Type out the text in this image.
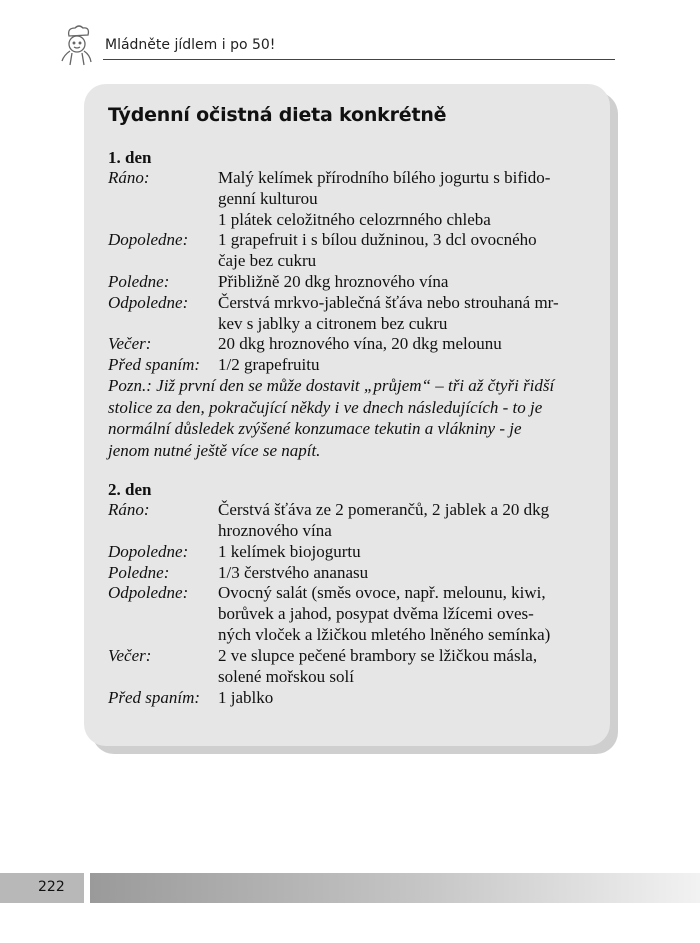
Mládněte jídlem i po 50!
Týdenní očistná dieta konkrétně
1. den
Ráno:	Malý kelímek přírodního bílého jogurtu s bifido-
genní kulturou
1 plátek celožitného celozrnného chleba
Dopoledne: 1 grapefruit i s bílou dužninou, 3 dcl ovocného
čaje bez cukru
Poledne:	Přibližně 20 dkg hroznového vína
Odpoledne: Čerstvá mrkvo-jablečná šťáva nebo strouhaná mr-
kev s jablky a citronem bez cukru
Večer:	20 dkg hroznového vína, 20 dkg melounu
Před spaním: 1/2 grapefruitu
Pozn.: Již první den se může dostavit „průjem“ – tři až čtyři řidší
stolice za den, pokračující někdy i ve dnech následujících - to je
normální důsledek zvýšené konzumace tekutin a vlákniny - je
jenom nutné ještě více se napít.
2. den
Ráno:	Čerstvá šťáva ze 2 pomerančů, 2 jablek a 20 dkg
hroznového vína
Dopoledne: 1 kelímek biojogurtu
Poledne:	1/3 čerstvého ananasu
Odpoledne: Ovocný salát (směs ovoce, např. melounu, kiwi,
borůvek a jahod, posypat dvěma lžícemi oves-
ných vloček a lžičkou mletého lněného semínka)
Večer:	2 ve slupce pečené brambory se lžičkou másla,
solené mořskou solí
Před spaním: 1 jablko
222
